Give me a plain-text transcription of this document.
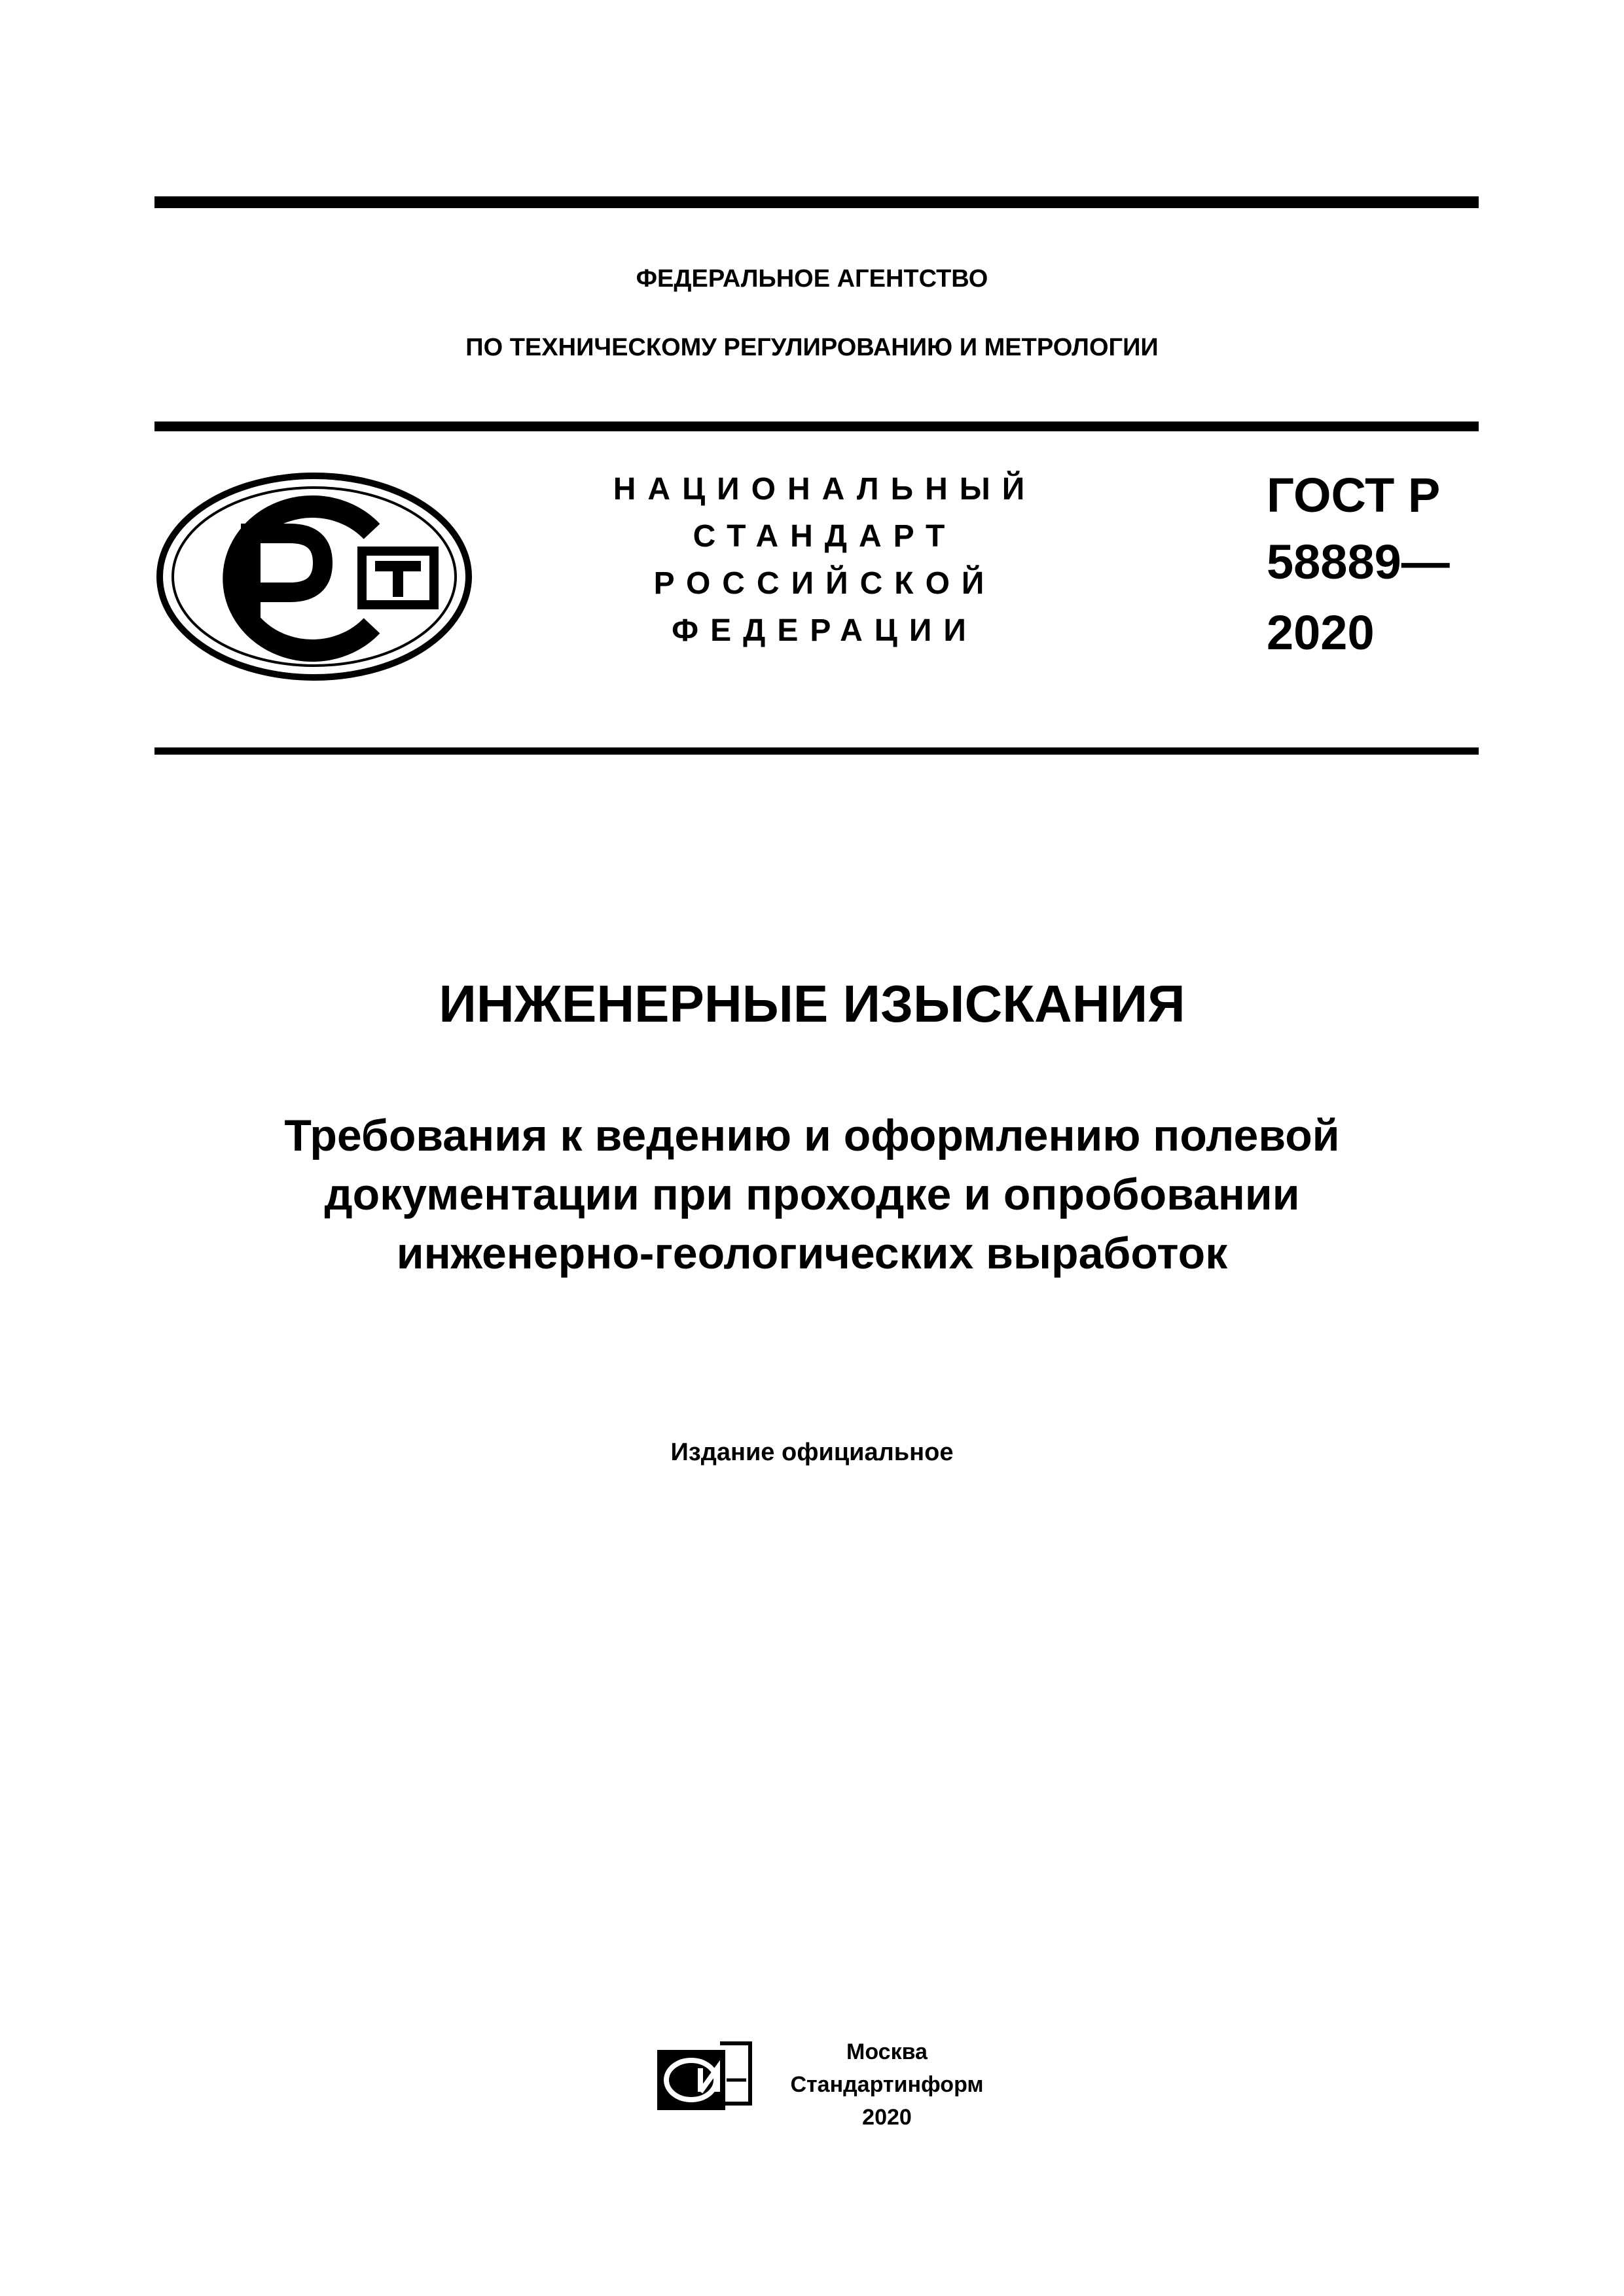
ФЕДЕРАЛЬНОЕ АГЕНТСТВО
ПО ТЕХНИЧЕСКОМУ РЕГУЛИРОВАНИЮ И МЕТРОЛОГИИ
НАЦИОНАЛЬНЫЙ
СТАНДАРТ
РОССИЙСКОЙ
ФЕДЕРАЦИИ
ГОСТ Р
58889—
2020
ИНЖЕНЕРНЫЕ ИЗЫСКАНИЯ
Требования к ведению и оформлению полевой
документации при проходке и опробовании
инженерно-геологических выработок
Издание официальное
Москва
Стандартинформ
2020
